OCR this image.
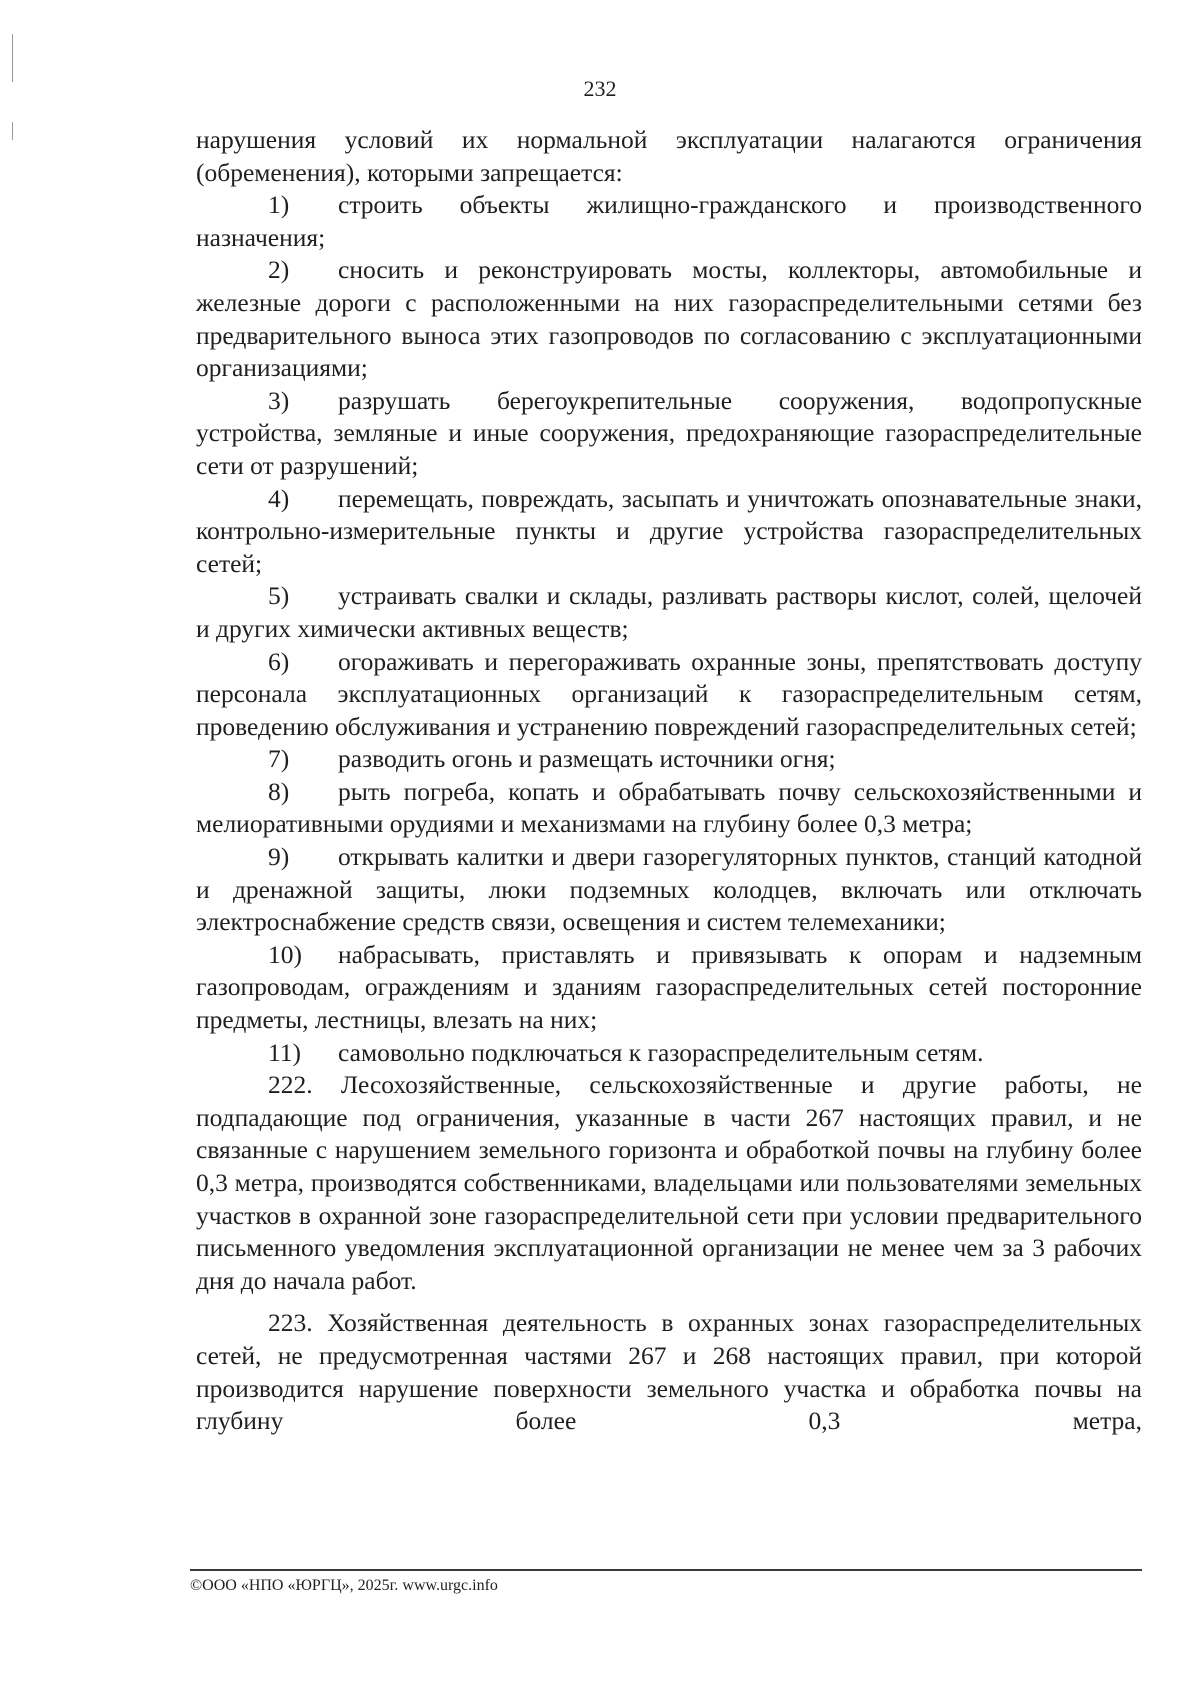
232

нарушения условий их нормальной эксплуатации налагаются ограничения

(обременения), которыми запрещается:

1) строить объекты жилищно-гражданского и производственного назначения;

2) сносить и реконструировать мосты, коллекторы, автомобильные и железные дороги с расположенными на них газораспределительными сетями без предварительного выноса этих газопроводов по согласованию с эксплуатационными организациями;

3) разрушать берегоукрепительные сооружения, водопропускные устройства, земляные и иные сооружения, предохраняющие газораспределительные сети от разрушений;

4) перемещать, повреждать, засыпать и уничтожать опознавательные знаки, контрольно-измерительные пункты и другие устройства газораспределительных сетей;

5) устраивать свалки и склады, разливать растворы кислот, солей, щелочей и других химически активных веществ;

6) огораживать и перегораживать охранные зоны, препятствовать доступу персонала эксплуатационных организаций к газораспределительным сетям, проведению обслуживания и устранению повреждений газораспределительных сетей;

7) разводить огонь и размещать источники огня;

8) рыть погреба, копать и обрабатывать почву сельскохозяйственными и мелиоративными орудиями и механизмами на глубину более 0,3 метра;

9) открывать калитки и двери газорегуляторных пунктов, станций катодной и дренажной защиты, люки подземных колодцев, включать или отключать электроснабжение средств связи, освещения и систем телемеханики;

10) набрасывать, приставлять и привязывать к опорам и надземным газопроводам, ограждениям и зданиям газораспределительных сетей посторонние предметы, лестницы, влезать на них;

11) самовольно подключаться к газораспределительным сетям.

222. Лесохозяйственные, сельскохозяйственные и другие работы, не подпадающие под ограничения, указанные в части 267 настоящих правил, и не связанные с нарушением земельного горизонта и обработкой почвы на глубину более 0,3 метра, производятся собственниками, владельцами или пользователями земельных участков в охранной зоне газораспределительной сети при условии предварительного письменного уведомления эксплуатационной организации не менее чем за 3 рабочих дня до начала работ.

223. Хозяйственная деятельность в охранных зонах газораспределительных сетей, не предусмотренная частями 267 и 268 настоящих правил, при которой производится нарушение поверхности земельного участка и обработка почвы на глубину более 0,3 метра,

©ООО «НПО «ЮРГЦ», 2025г. www.urgc.info
